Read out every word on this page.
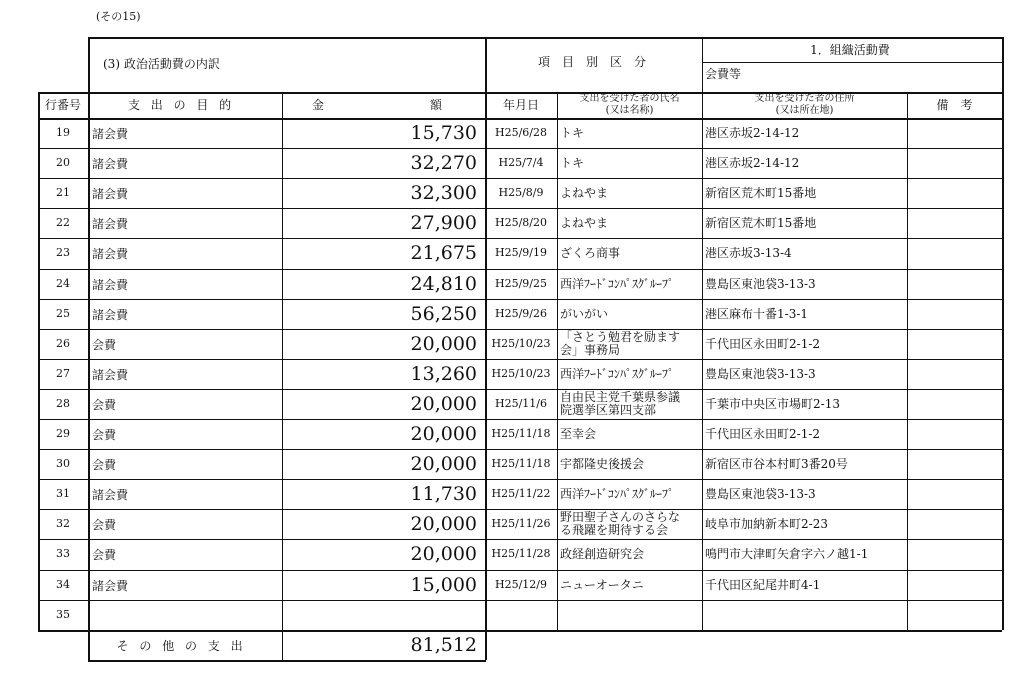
(その15)
(3) 政治活動費の内訳	項　目　別　区　分
1．組織活動費
会費等
行番号	支出の目的	金	額	年月日	支出を受けた者の氏名
(又は名称)
支出を受けた者の住所
(又は所在地)	備　考
19	諸会費	15,730	H25/6/28	トキ	港区赤坂2-14-12
20	諸会費	32,270	H25/7/4	トキ	港区赤坂2-14-12
21	諸会費	32,300	H25/8/9	よねやま	新宿区荒木町15番地
22	諸会費	27,900	H25/8/20	よねやま	新宿区荒木町15番地
23	諸会費	21,675	H25/9/19	ざくろ商事	港区赤坂3-13-4
24	諸会費	24,810	H25/9/25	西洋ﾌｰﾄﾞｺﾝﾊﾟｽｸﾞﾙｰﾌﾟ	豊島区東池袋3-13-3
25	諸会費	56,250	H25/9/26	がいがい	港区麻布十番1-3-1
26	会費	20,000	H25/10/23 「さとう勉君を励ます
会」事務局	千代田区永田町2-1-2
27	諸会費	13,260	H25/10/23 西洋ﾌｰﾄﾞｺﾝﾊﾟｽｸﾞﾙｰﾌﾟ	豊島区東池袋3-13-3
28	会費	20,000	H25/11/6	自由民主党千葉県参議
院選挙区第四支部	千葉市中央区市場町2-13
29	会費	20,000	H25/11/18 至幸会	千代田区永田町2-1-2
30	会費	20,000	H25/11/18 宇都隆史後援会	新宿区市谷本村町3番20号
31	諸会費	11,730	H25/11/22 西洋ﾌｰﾄﾞｺﾝﾊﾟｽｸﾞﾙｰﾌﾟ	豊島区東池袋3-13-3
32	会費	20,000	H25/11/26 野田聖子さんのさらな
る飛躍を期待する会	岐阜市加納新本町2-23
33	会費	20,000	H25/11/28 政経創造研究会	鳴門市大津町矢倉字六ノ越1-1
34	諸会費	15,000	H25/12/9	ニューオータニ	千代田区紀尾井町4-1
35
その他の支出	81,512
